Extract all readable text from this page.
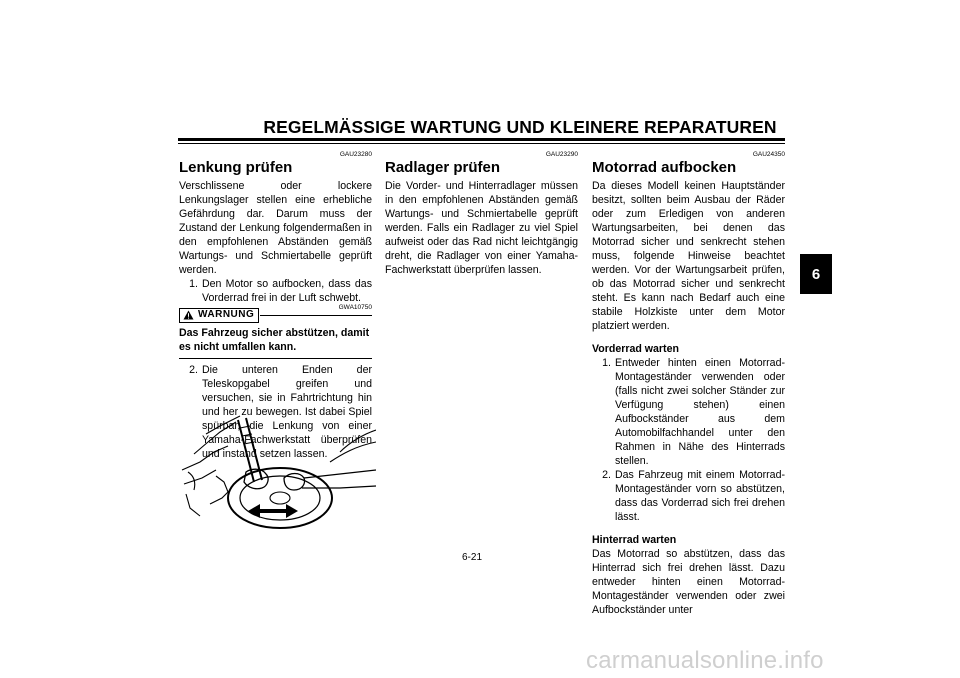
REGELMÄSSIGE WARTUNG UND KLEINERE REPARATUREN
6
GAU23280
Lenkung prüfen
Verschlissene oder lockere Lenkungslager stellen eine erhebliche Gefährdung dar. Darum muss der Zustand der Lenkung folgendermaßen in den empfohlenen Abständen gemäß Wartungs- und Schmiertabelle geprüft werden.
1. Den Motor so aufbocken, dass das Vorderrad frei in der Luft schwebt.
WARNUNG
GWA10750
Das Fahrzeug sicher abstützen, damit es nicht umfallen kann.
2. Die unteren Enden der Teleskopgabel greifen und versuchen, sie in Fahrtrichtung hin und her zu bewegen. Ist dabei Spiel spürbar, die Lenkung von einer Yamaha-Fachwerkstatt überprüfen und instand setzen lassen.
GAU23290
Radlager prüfen
Die Vorder- und Hinterradlager müssen in den empfohlenen Abständen gemäß Wartungs- und Schmiertabelle geprüft werden. Falls ein Radlager zu viel Spiel aufweist oder das Rad nicht leichtgängig dreht, die Radlager von einer Yamaha-Fachwerkstatt überprüfen lassen.
GAU24350
Motorrad aufbocken
Da dieses Modell keinen Hauptständer besitzt, sollten beim Ausbau der Räder oder zum Erledigen von anderen Wartungsarbeiten, bei denen das Motorrad sicher und senkrecht stehen muss, folgende Hinweise beachtet werden. Vor der Wartungsarbeit prüfen, ob das Motorrad sicher und senkrecht steht. Es kann nach Bedarf auch eine stabile Holzkiste unter dem Motor platziert werden.
Vorderrad warten
1. Entweder hinten einen Motorrad-Montageständer verwenden oder (falls nicht zwei solcher Ständer zur Verfügung stehen) einen Aufbockständer aus dem Automobilfachhandel unter den Rahmen in Nähe des Hinterrads stellen.
2. Das Fahrzeug mit einem Motorrad-Montageständer vorn so abstützen, dass das Vorderrad sich frei drehen lässt.
Hinterrad warten
Das Motorrad so abstützen, dass das Hinterrad sich frei drehen lässt. Dazu entweder hinten einen Motorrad-Montageständer verwenden oder zwei Aufbockständer unter
6-21
carmanualsonline.info
